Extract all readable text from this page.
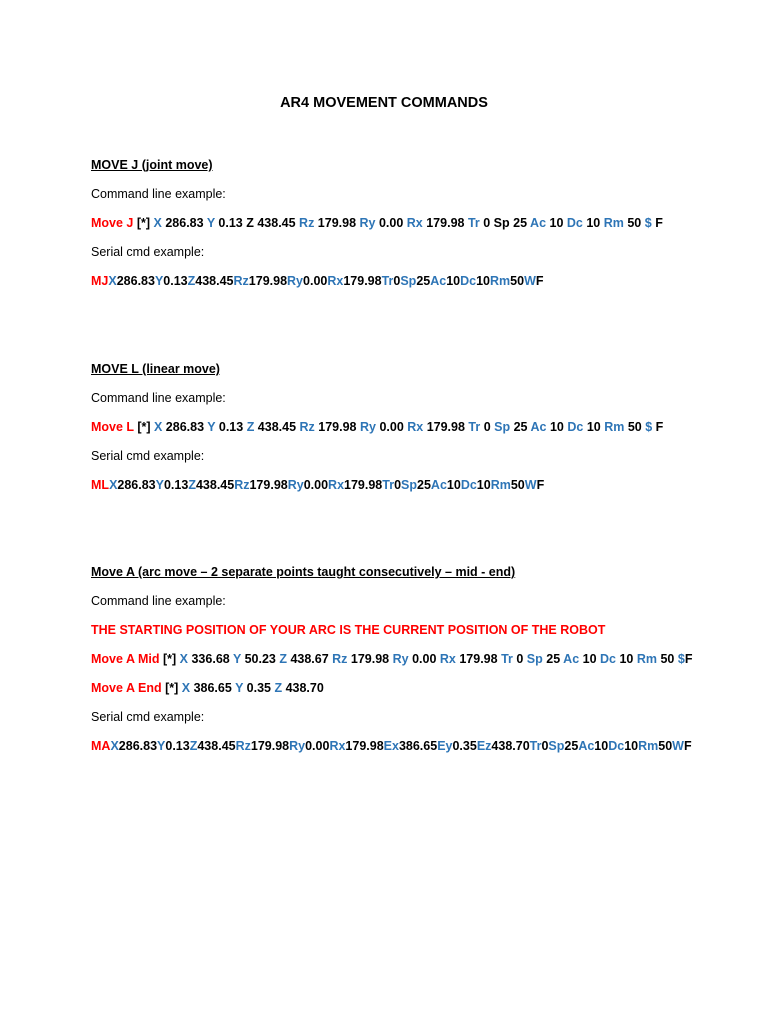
AR4 MOVEMENT COMMANDS
MOVE J (joint move)
Command line example:
Move J [*] X 286.83 Y 0.13 Z 438.45 Rz 179.98 Ry 0.00 Rx 179.98 Tr 0 Sp 25 Ac 10 Dc 10 Rm 50 $ F
Serial cmd example:
MJX286.83Y0.13Z438.45Rz179.98Ry0.00Rx179.98Tr0Sp25Ac10Dc10Rm50WF
MOVE L (linear move)
Command line example:
Move L [*] X 286.83 Y 0.13 Z 438.45 Rz 179.98 Ry 0.00 Rx 179.98 Tr 0 Sp 25 Ac 10 Dc 10 Rm 50 $ F
Serial cmd example:
MLX286.83Y0.13Z438.45Rz179.98Ry0.00Rx179.98Tr0Sp25Ac10Dc10Rm50WF
Move A (arc move – 2 separate points taught consecutively – mid - end)
Command line example:
THE STARTING POSITION OF YOUR ARC IS THE CURRENT POSITION OF THE ROBOT
Move A Mid [*] X 336.68 Y 50.23 Z 438.67 Rz 179.98 Ry 0.00 Rx 179.98 Tr 0 Sp 25 Ac 10 Dc 10 Rm 50 $F
Move A End [*] X 386.65 Y 0.35 Z 438.70
Serial cmd example:
MAX286.83Y0.13Z438.45Rz179.98Ry0.00Rx179.98Ex386.65Ey0.35Ez438.70Tr0Sp25Ac10Dc10Rm50WF
